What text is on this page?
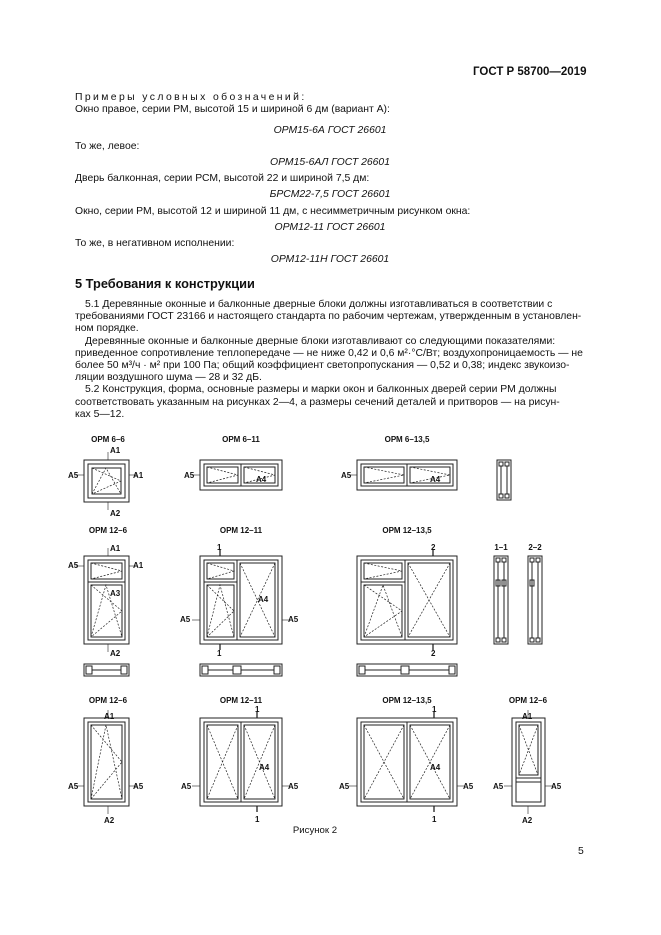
ГОСТ Р 58700—2019
Примеры условных обозначений:
Окно правое, серии РМ, высотой 15 и шириной 6 дм (вариант А):
ОРМ15-6А ГОСТ 26601
То же, левое:
ОРМ15-6АЛ ГОСТ 26601
Дверь балконная, серии РСМ, высотой 22 и шириной 7,5 дм:
БРСМ22-7,5 ГОСТ 26601
Окно, серии РМ, высотой 12 и шириной 11 дм, с несимметричным рисунком окна:
ОРМ12-11 ГОСТ 26601
То же, в негативном исполнении:
ОРМ12-11Н ГОСТ 26601
5 Требования к конструкции
5.1 Деревянные оконные и балконные дверные блоки должны изготавливаться в соответствии с
требованиями ГОСТ 23166 и настоящего стандарта по рабочим чертежам, утвержденным в установлен-
ном порядке.
Деревянные оконные и балконные дверные блоки изготавливают со следующими показателями:
приведенное сопротивление теплопередаче — не ниже 0,42 и 0,6 м²·°С/Вт; воздухопроницаемость — не
более 50 м³/ч · м² при 100 Па; общий коэффициент светопропускания — 0,52 и 0,38; индекс звукоизо-
ляции воздушного шума — 28 и 32 дБ.
5.2 Конструкция, форма, основные размеры и марки окон и балконных дверей серии РМ должны
соответствовать указанным на рисунках 2—4, а размеры сечений деталей и притворов — на рисун-
ках 5—12.
ОРМ 6–6	ОРМ 6–11	ОРМ 6–13,5
ОРМ 12–6	ОРМ 12–11	ОРМ 12–13,5
1–1	2–2
ОРМ 12–6	ОРМ 12–11	ОРМ 12–13,5	ОРМ 12–6
А1
А2
А5	А1	А5	А4	А5	А4
А1
А5	А1
А3
А2
1
1
А4
А5	А5
2
2
А1
А2
А5	А5
1
1
А4
А5	А5
1
1
А4
А5	А5
А1
А2
А5	А5
Рисунок 2
5
